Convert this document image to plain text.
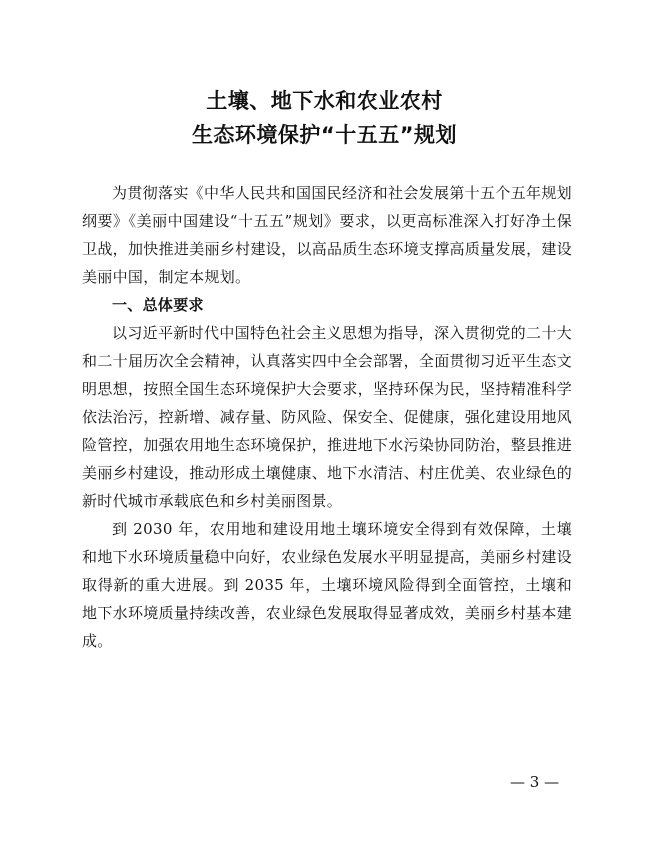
土壤、地下水和农业农村
生态环境保护“十五五”规划

为贯彻落实《中华人民共和国国民经济和社会发展第十五个五年规划纲要》《美丽中国建设“十五五”规划》要求，以更高标准深入打好净土保卫战，加快推进美丽乡村建设，以高品质生态环境支撑高质量发展，建设美丽中国，制定本规划。

一、总体要求

以习近平新时代中国特色社会主义思想为指导，深入贯彻党的二十大和二十届历次全会精神，认真落实四中全会部署，全面贯彻习近平生态文明思想，按照全国生态环境保护大会要求，坚持环保为民，坚持精准科学依法治污，控新增、减存量、防风险、保安全、促健康，强化建设用地风险管控，加强农用地生态环境保护，推进地下水污染协同防治，整县推进美丽乡村建设，推动形成土壤健康、地下水清洁、村庄优美、农业绿色的新时代城市承载底色和乡村美丽图景。

到 2030 年，农用地和建设用地土壤环境安全得到有效保障，土壤和地下水环境质量稳中向好，农业绿色发展水平明显提高，美丽乡村建设取得新的重大进展。到 2035 年，土壤环境风险得到全面管控，土壤和地下水环境质量持续改善，农业绿色发展取得显著成效，美丽乡村基本建成。

— 3 —
